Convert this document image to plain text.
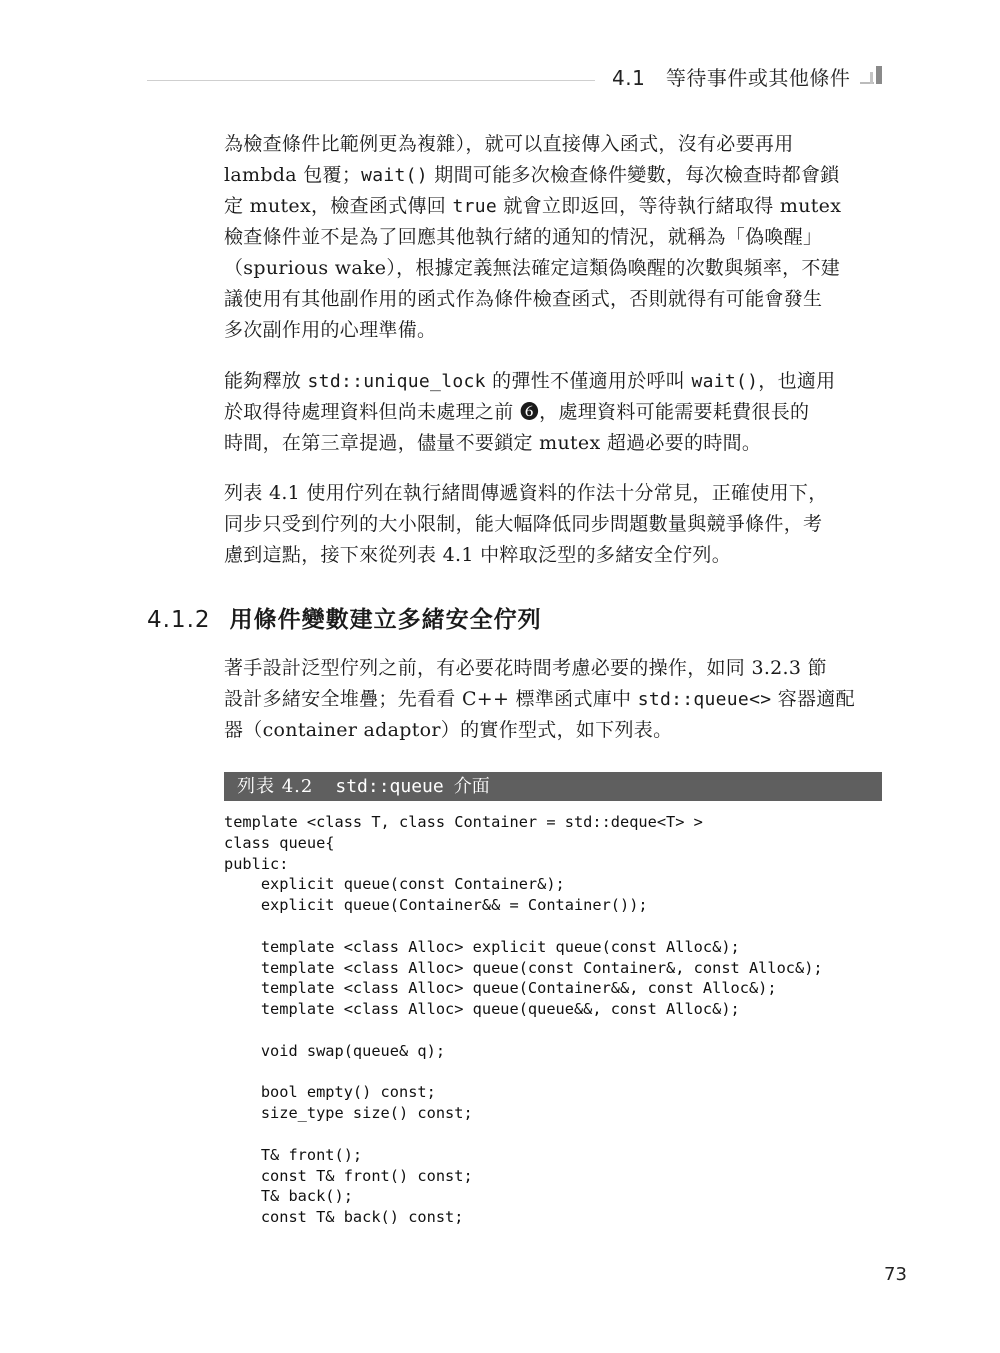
4.1 等待事件或其他條件
為檢查條件比範例更為複雜），就可以直接傳入函式，沒有必要再用
lambda 包覆；wait() 期間可能多次檢查條件變數，每次檢查時都會鎖
定 mutex，檢查函式傳回 true 就會立即返回，等待執行緒取得 mutex
檢查條件並不是為了回應其他執行緒的通知的情況，就稱為「偽喚醒」
（spurious wake），根據定義無法確定這類偽喚醒的次數與頻率，不建
議使用有其他副作用的函式作為條件檢查函式，否則就得有可能會發生
多次副作用的心理準備。
能夠釋放 std::unique_lock 的彈性不僅適用於呼叫 wait()，也適用
於取得待處理資料但尚未處理之前 ❻，處理資料可能需要耗費很長的
時間，在第三章提過，儘量不要鎖定 mutex 超過必要的時間。
列表 4.1 使用佇列在執行緒間傳遞資料的作法十分常見，正確使用下，
同步只受到佇列的大小限制，能大幅降低同步問題數量與競爭條件，考
慮到這點，接下來從列表 4.1 中粹取泛型的多緒安全佇列。
4.1.2 用條件變數建立多緒安全佇列
著手設計泛型佇列之前，有必要花時間考慮必要的操作，如同 3.2.3 節
設計多緒安全堆疊；先看看 C++ 標準函式庫中 std::queue<> 容器適配
器（container adaptor）的實作型式，如下列表。
列表 4.2 std::queue 介面
template <class T, class Container = std::deque<T> >
class queue{
public:
explicit queue(const Container&);
explicit queue(Container&& = Container());
template <class Alloc> explicit queue(const Alloc&);
template <class Alloc> queue(const Container&, const Alloc&);
template <class Alloc> queue(Container&&, const Alloc&);
template <class Alloc> queue(queue&&, const Alloc&);
void swap(queue& q);
bool empty() const;
size_type size() const;
T& front();
const T& front() const;
T& back();
const T& back() const;
73
